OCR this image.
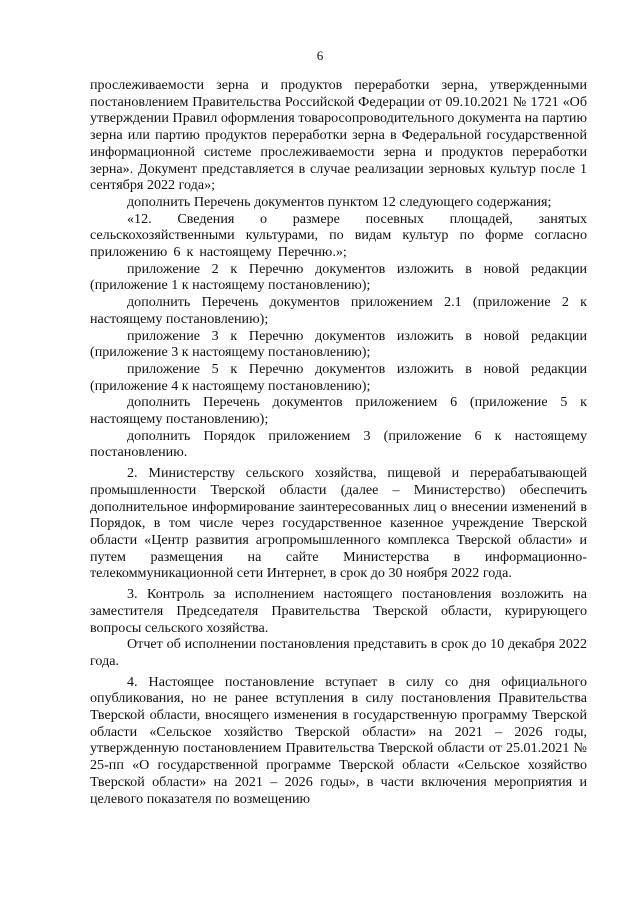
6

прослеживаемости зерна и продуктов переработки зерна, утвержденными постановлением Правительства Российской Федерации от 09.10.2021 № 1721 «Об утверждении Правил оформления товаросопроводительного документа на партию зерна или партию продуктов переработки зерна в Федеральной государственной информационной системе прослеживаемости зерна и продуктов переработки зерна». Документ представляется в случае реализации зерновых культур после 1 сентября 2022 года»;

дополнить Перечень документов пунктом 12 следующего содержания;

«12. Сведения о размере посевных площадей, занятых сельскохозяйственными культурами, по видам культур по форме согласно приложению 6 к настоящему Перечню.»;

приложение 2 к Перечню документов изложить в новой редакции (приложение 1 к настоящему постановлению);

дополнить Перечень документов приложением 2.1 (приложение 2 к настоящему постановлению);

приложение 3 к Перечню документов изложить в новой редакции (приложение 3 к настоящему постановлению);

приложение 5 к Перечню документов изложить в новой редакции (приложение 4 к настоящему постановлению);

дополнить Перечень документов приложением 6 (приложение 5 к настоящему постановлению);

дополнить Порядок приложением 3 (приложение 6 к настоящему постановлению.

2. Министерству сельского хозяйства, пищевой и перерабатывающей промышленности Тверской области (далее – Министерство) обеспечить дополнительное информирование заинтересованных лиц о внесении изменений в Порядок, в том числе через государственное казенное учреждение Тверской области «Центр развития агропромышленного комплекса Тверской области» и путем размещения на сайте Министерства в информационно-телекоммуникационной сети Интернет, в срок до 30 ноября 2022 года.

3. Контроль за исполнением настоящего постановления возложить на заместителя Председателя Правительства Тверской области, курирующего вопросы сельского хозяйства.

Отчет об исполнении постановления представить в срок до 10 декабря 2022 года.

4. Настоящее постановление вступает в силу со дня официального опубликования, но не ранее вступления в силу постановления Правительства Тверской области, вносящего изменения в государственную программу Тверской области «Сельское хозяйство Тверской области» на 2021 – 2026 годы, утвержденную постановлением Правительства Тверской области от 25.01.2021 № 25-пп «О государственной программе Тверской области «Сельское хозяйство Тверской области» на 2021 – 2026 годы», в части включения мероприятия и целевого показателя по возмещению
